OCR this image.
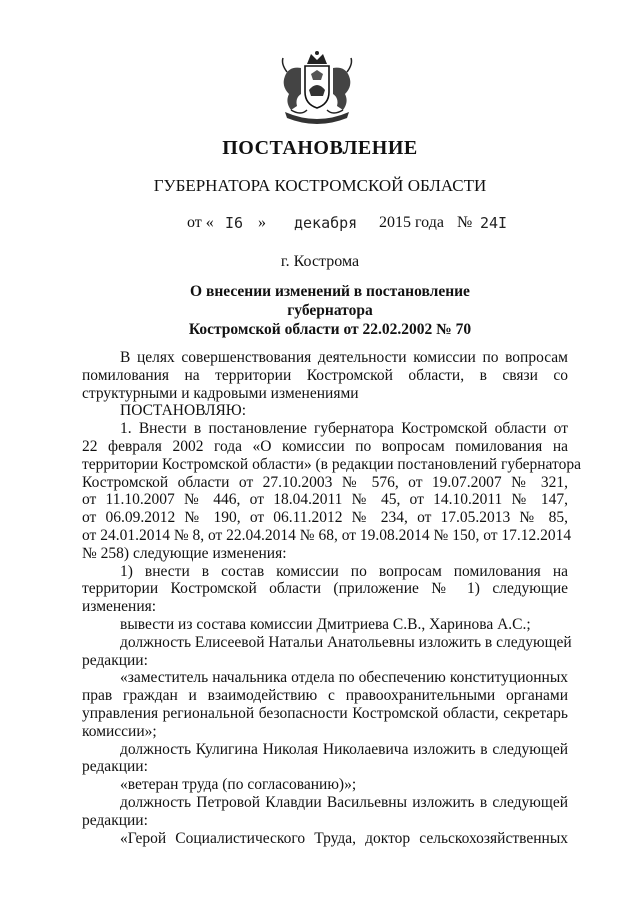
ПОСТАНОВЛЕНИЕ
ГУБЕРНАТОРА КОСТРОМСКОЙ ОБЛАСТИ
от « I6 » декабря 2015 года № 24I
г. Кострома
О внесении изменений в постановление губернатора
Костромской области от 22.02.2002 № 70
В целях совершенствования деятельности комиссии по вопросам
помилования на территории Костромской области, в связи со
структурными и кадровыми изменениями
ПОСТАНОВЛЯЮ:
1. Внести в постановление губернатора Костромской области от
22 февраля 2002 года «О комиссии по вопросам помилования на
территории Костромской области» (в редакции постановлений губернатора
Костромской области от 27.10.2003 № 576, от 19.07.2007 № 321,
от 11.10.2007 № 446, от 18.04.2011 № 45, от 14.10.2011 № 147,
от 06.09.2012 № 190, от 06.11.2012 № 234, от 17.05.2013 № 85,
от 24.01.2014 № 8, от 22.04.2014 № 68, от 19.08.2014 № 150, от 17.12.2014
№ 258) следующие изменения:
1) внести в состав комиссии по вопросам помилования на
территории Костромской области (приложение № 1) следующие
изменения:
вывести из состава комиссии Дмитриева С.В., Харинова А.С.;
должность Елисеевой Натальи Анатольевны изложить в следующей
редакции:
«заместитель начальника отдела по обеспечению конституционных
прав граждан и взаимодействию с правоохранительными органами
управления региональной безопасности Костромской области, секретарь
комиссии»;
должность Кулигина Николая Николаевича изложить в следующей
редакции:
«ветеран труда (по согласованию)»;
должность Петровой Клавдии Васильевны изложить в следующей
редакции:
«Герой Социалистического Труда, доктор сельскохозяйственных
